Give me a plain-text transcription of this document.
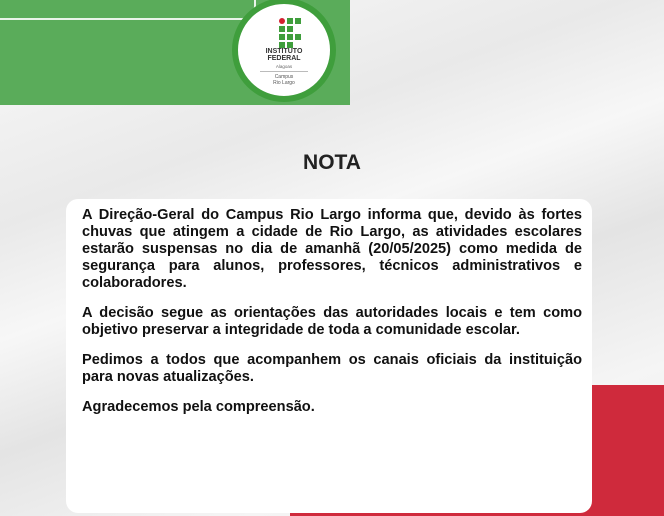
INSTITUTO
FEDERAL
Alagoas
Campus
Rio Largo
NOTA

A Direção-Geral do Campus Rio Largo informa que, devido às fortes chuvas que atingem a cidade de Rio Largo, as atividades escolares estarão suspensas no dia de amanhã (20/05/2025) como medida de segurança para alunos, professores, técnicos administrativos e colaboradores.

A decisão segue as orientações das autoridades locais e tem como objetivo preservar a integridade de toda a comunidade escolar.

Pedimos a todos que acompanhem os canais oficiais da instituição para novas atualizações.

Agradecemos pela compreensão.
